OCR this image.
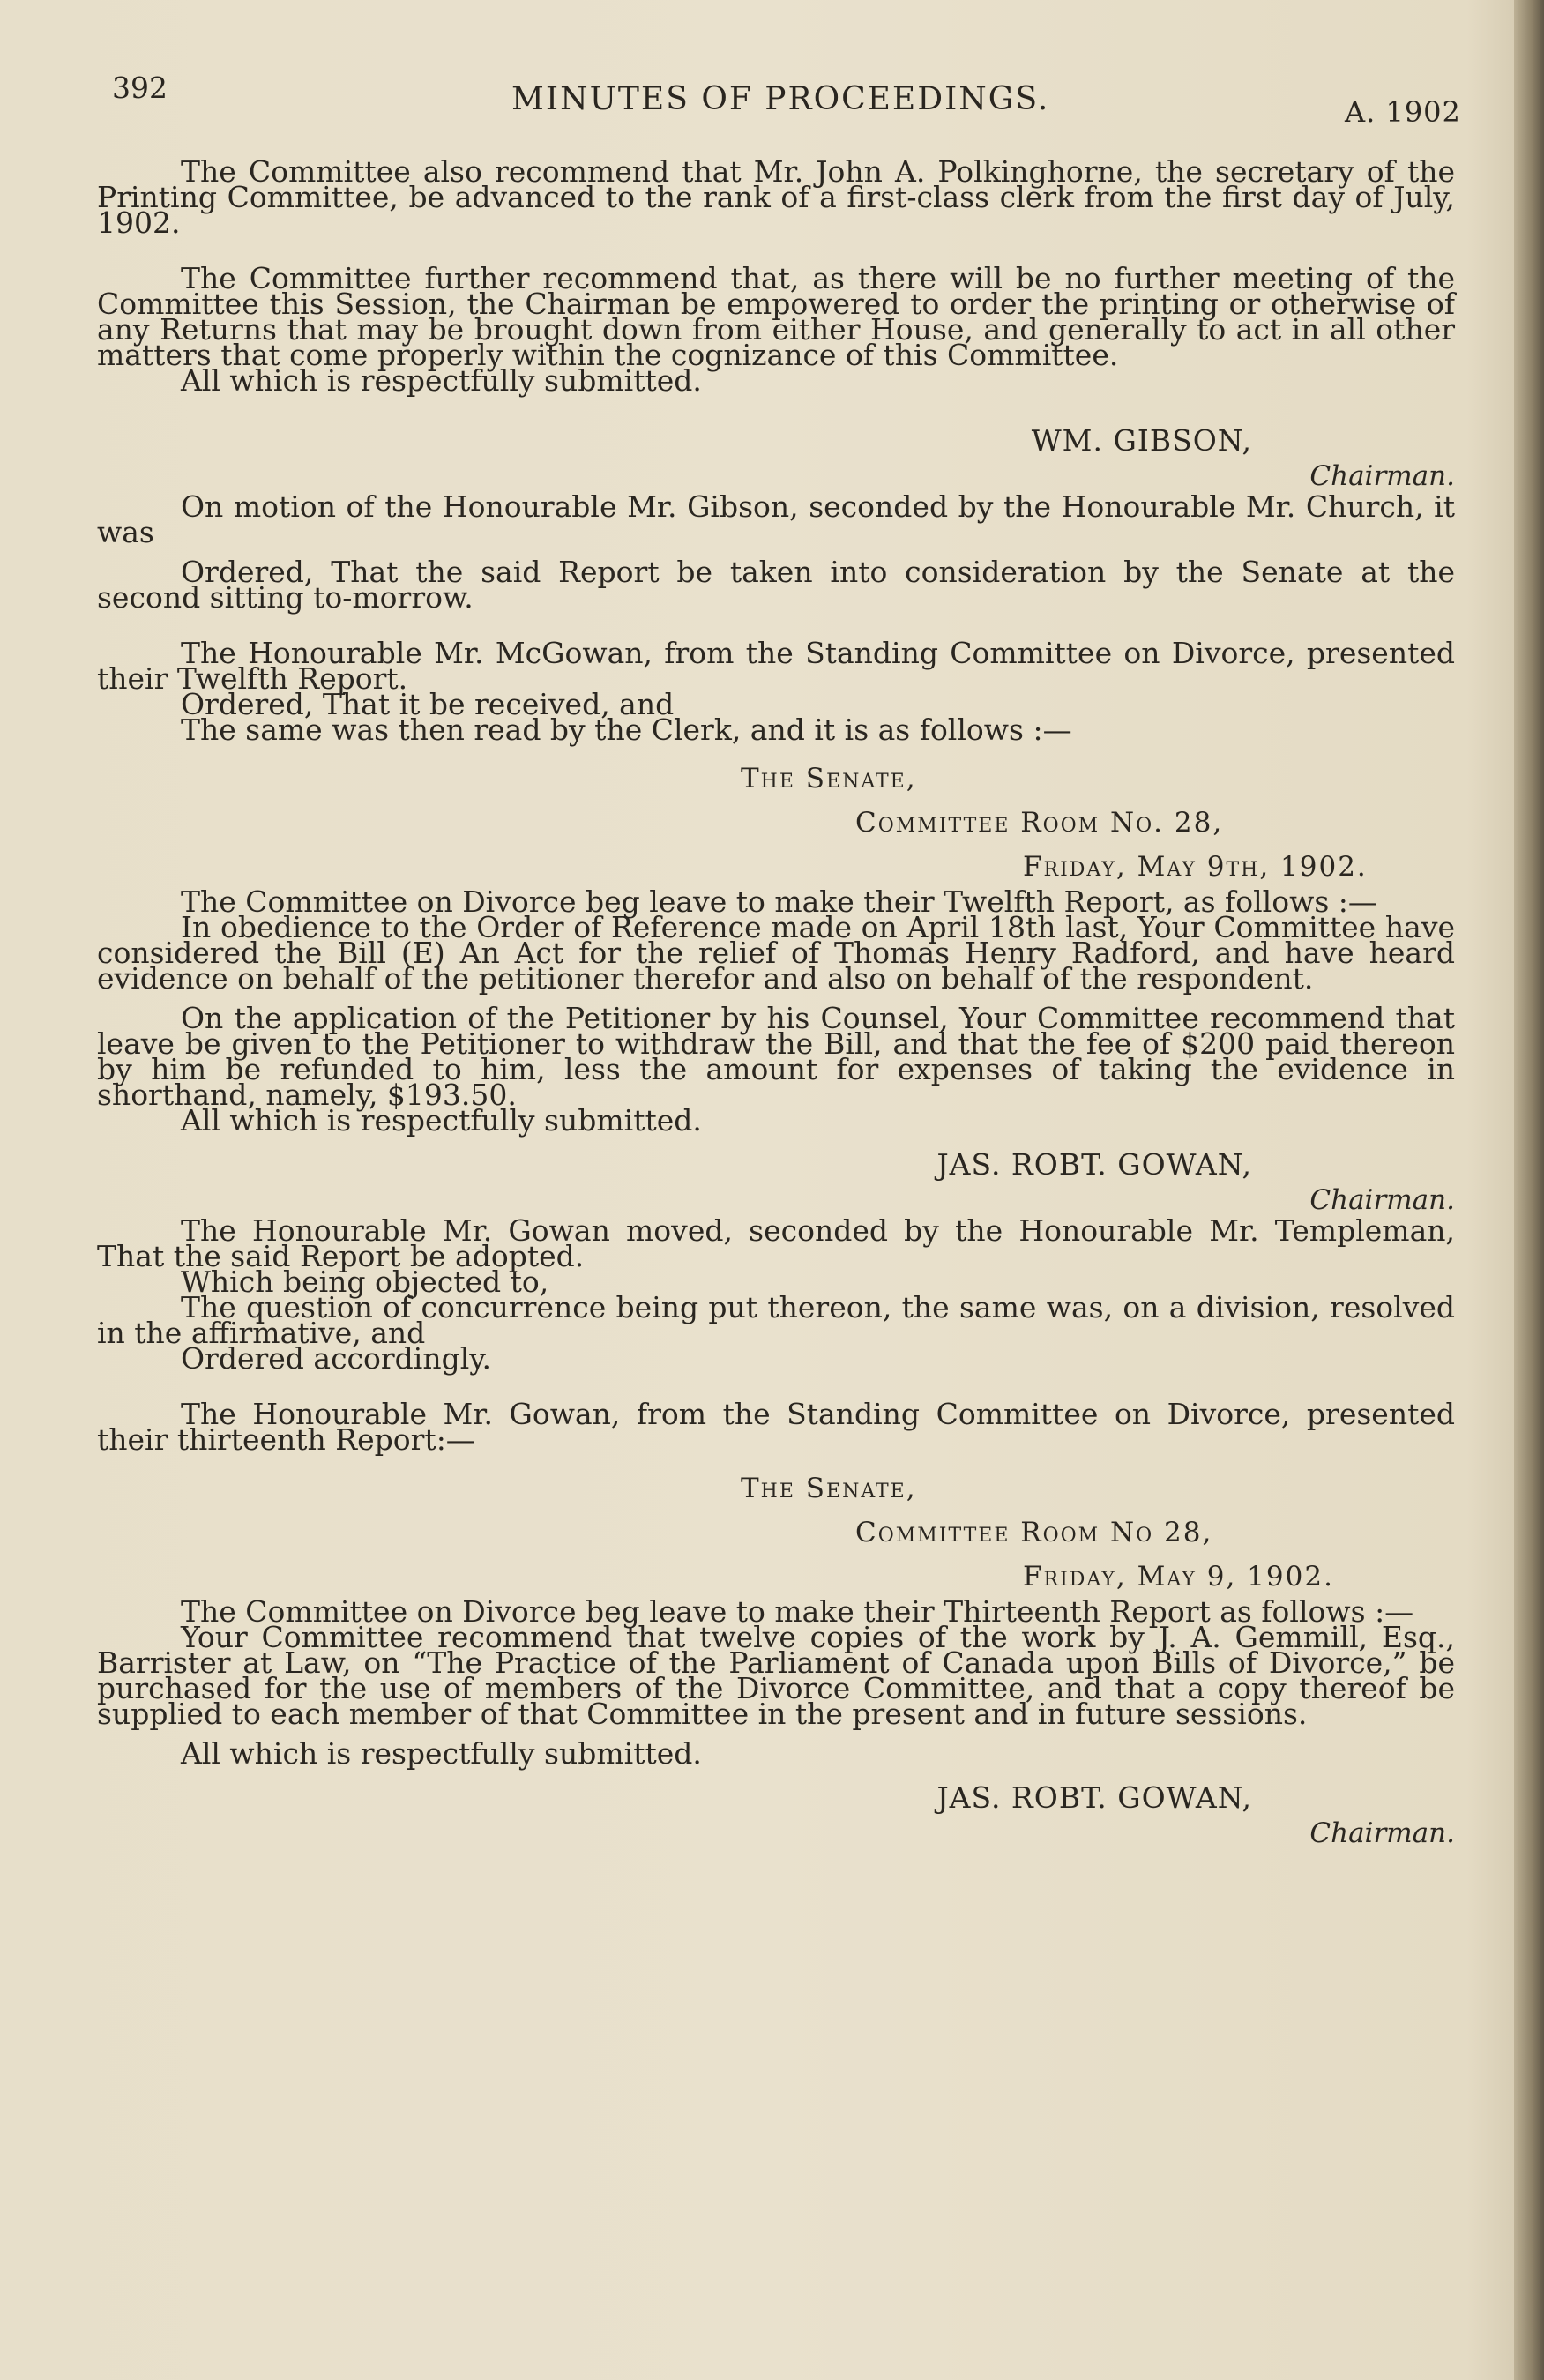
392	MINUTES OF PROCEEDINGS.	A. 1902

The Committee also recommend that Mr. John A. Polkinghorne, the secretary of the Printing Committee, be advanced to the rank of a first-class clerk from the first day of July, 1902.

The Committee further recommend that, as there will be no further meeting of the Committee this Session, the Chairman be empowered to order the printing or otherwise of any Returns that may be brought down from either House, and generally to act in all other matters that come properly within the cognizance of this Committee.

All which is respectfully submitted.

WM. GIBSON,
Chairman.

On motion of the Honourable Mr. Gibson, seconded by the Honourable Mr. Church, it was

Ordered, That the said Report be taken into consideration by the Senate at the second sitting to-morrow.

The Honourable Mr. McGowan, from the Standing Committee on Divorce, presented their Twelfth Report.

Ordered, That it be received, and

The same was then read by the Clerk, and it is as follows :—

The Senate,
Committee Room No. 28,
Friday, May 9th, 1902.

The Committee on Divorce beg leave to make their Twelfth Report, as follows :—

In obedience to the Order of Reference made on April 18th last, Your Committee have considered the Bill (E) An Act for the relief of Thomas Henry Radford, and have heard evidence on behalf of the petitioner therefor and also on behalf of the respondent.

On the application of the Petitioner by his Counsel, Your Committee recommend that leave be given to the Petitioner to withdraw the Bill, and that the fee of $200 paid thereon by him be refunded to him, less the amount for expenses of taking the evidence in shorthand, namely, $193.50.

All which is respectfully submitted.

JAS. ROBT. GOWAN,
Chairman.

The Honourable Mr. Gowan moved, seconded by the Honourable Mr. Templeman, That the said Report be adopted.

Which being objected to,

The question of concurrence being put thereon, the same was, on a division, resolved in the affirmative, and

Ordered accordingly.

The Honourable Mr. Gowan, from the Standing Committee on Divorce, presented their thirteenth Report:—

The Senate,
Committee Room No 28,
Friday, May 9, 1902.

The Committee on Divorce beg leave to make their Thirteenth Report as follows :—

Your Committee recommend that twelve copies of the work by J. A. Gemmill, Esq., Barrister at Law, on “The Practice of the Parliament of Canada upon Bills of Divorce,” be purchased for the use of members of the Divorce Committee, and that a copy thereof be supplied to each member of that Committee in the present and in future sessions.

All which is respectfully submitted.

JAS. ROBT. GOWAN,
Chairman.
